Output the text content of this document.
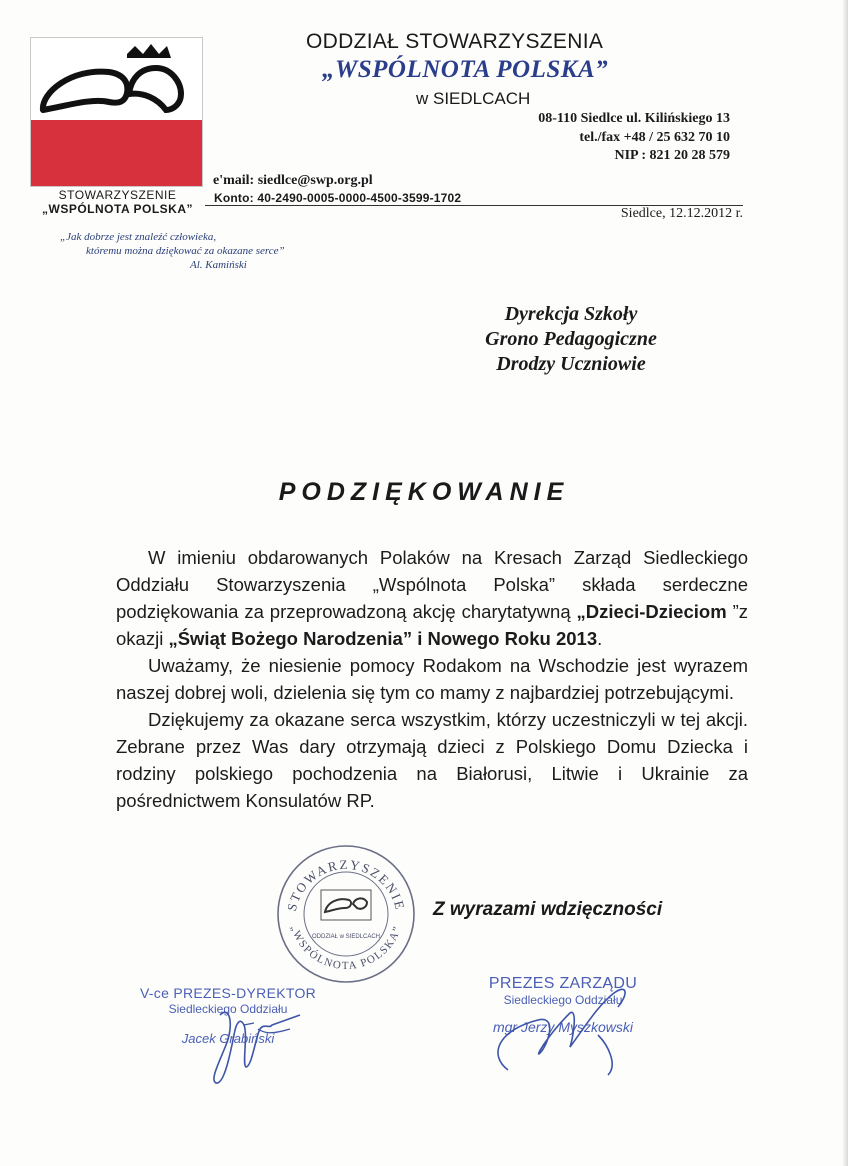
STOWARZYSZENIE
„WSPÓLNOTA POLSKA”
„Jak dobrze jest znaleźć człowieka,
któremu można dziękować za okazane serce”
Al. Kamiński
ODDZIAŁ STOWARZYSZENIA
„WSPÓLNOTA POLSKA”
w SIEDLCACH
08-110 Siedlce ul. Kilińskiego 13
tel./fax +48 / 25 632 70 10
NIP : 821 20 28 579
e'mail: siedlce@swp.org.pl
Konto: 40-2490-0005-0000-4500-3599-1702
Siedlce, 12.12.2012 r.
Dyrekcja Szkoły
Grono Pedagogiczne
Drodzy Uczniowie
PODZIĘKOWANIE

W imieniu obdarowanych Polaków na Kresach Zarząd Siedleckiego Oddziału Stowarzyszenia „Wspólnota Polska” składa serdeczne podziękowania za przeprowadzoną akcję charytatywną „Dzieci-Dzieciom ”z okazji „Świąt Bożego Narodzenia” i Nowego Roku 2013.

Uważamy, że niesienie pomocy Rodakom na Wschodzie jest wyrazem naszej dobrej woli, dzielenia się tym co mamy z najbardziej potrzebującymi.

Dziękujemy za okazane serca wszystkim, którzy uczestniczyli w tej akcji. Zebrane przez Was dary otrzymają dzieci z Polskiego Domu Dziecka i rodziny polskiego pochodzenia na Białorusi, Litwie i Ukrainie za pośrednictwem Konsulatów RP.

Z wyrazami wdzięczności
STOWARZYSZENIE
„WSPÓLNOTA POLSKA”
ODDZIAŁ w SIEDLCACH
V-ce PREZES-DYREKTOR
Siedleckiego Oddziału
Jacek Grabiński
PREZES ZARZĄDU
Siedleckiego Oddziału
mgr Jerzy Myszkowski
